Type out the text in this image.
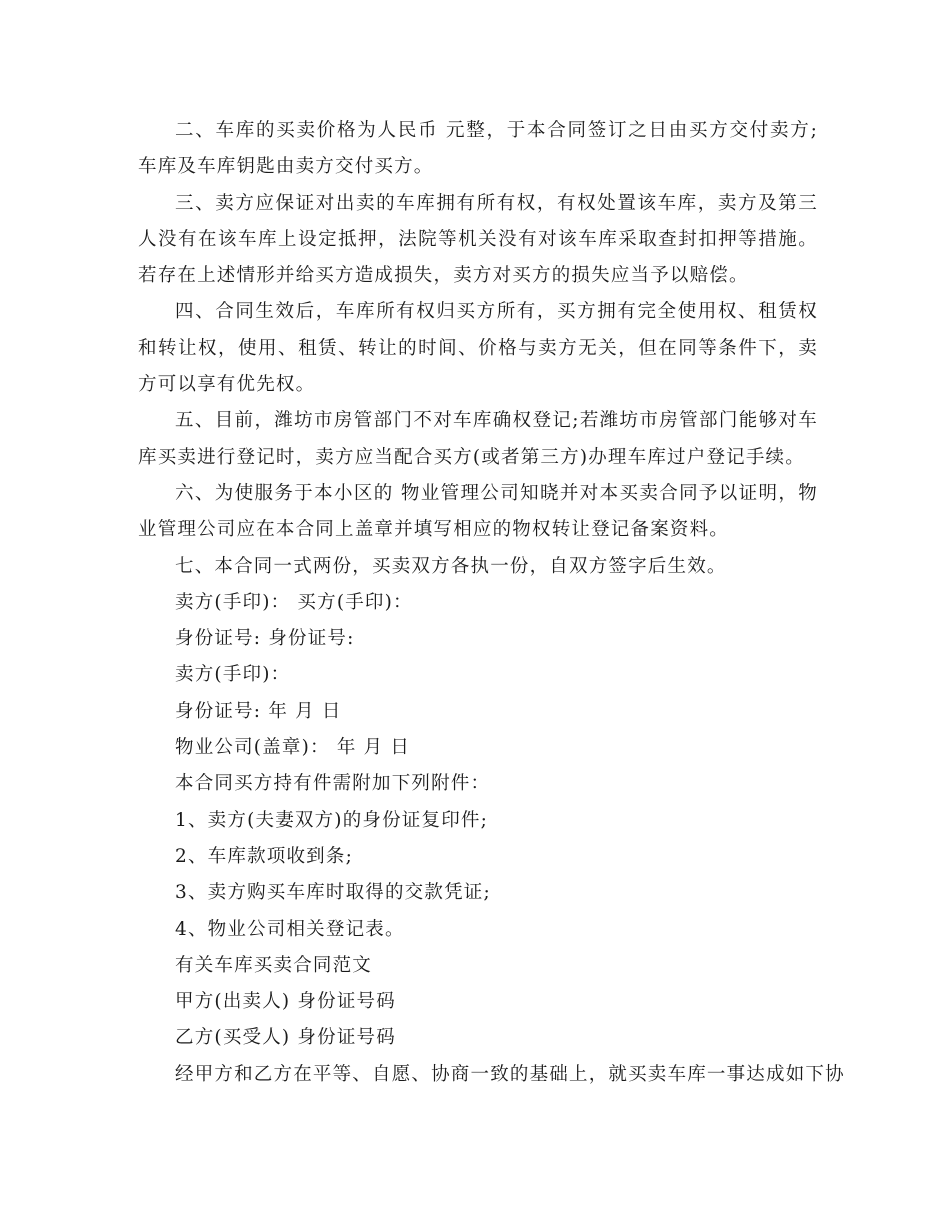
二、车库的买卖价格为人民币 元整，于本合同签订之日由买方交付卖方;车库及车库钥匙由卖方交付买方。

三、卖方应保证对出卖的车库拥有所有权，有权处置该车库，卖方及第三人没有在该车库上设定抵押，法院等机关没有对该车库采取查封扣押等措施。若存在上述情形并给买方造成损失，卖方对买方的损失应当予以赔偿。

四、合同生效后，车库所有权归买方所有，买方拥有完全使用权、租赁权和转让权，使用、租赁、转让的时间、价格与卖方无关，但在同等条件下，卖方可以享有优先权。

五、目前，潍坊市房管部门不对车库确权登记;若潍坊市房管部门能够对车库买卖进行登记时，卖方应当配合买方(或者第三方)办理车库过户登记手续。

六、为使服务于本小区的 物业管理公司知晓并对本买卖合同予以证明，物业管理公司应在本合同上盖章并填写相应的物权转让登记备案资料。

七、本合同一式两份，买卖双方各执一份，自双方签字后生效。

卖方(手印)： 买方(手印)：

身份证号: 身份证号:

卖方(手印)：

身份证号: 年 月 日

物业公司(盖章)： 年 月 日

本合同买方持有件需附加下列附件：

1、卖方(夫妻双方)的身份证复印件;

2、车库款项收到条;

3、卖方购买车库时取得的交款凭证;

4、物业公司相关登记表。

有关车库买卖合同范文

甲方(出卖人) 身份证号码

乙方(买受人) 身份证号码

经甲方和乙方在平等、自愿、协商一致的基础上，就买卖车库一事达成如下协
